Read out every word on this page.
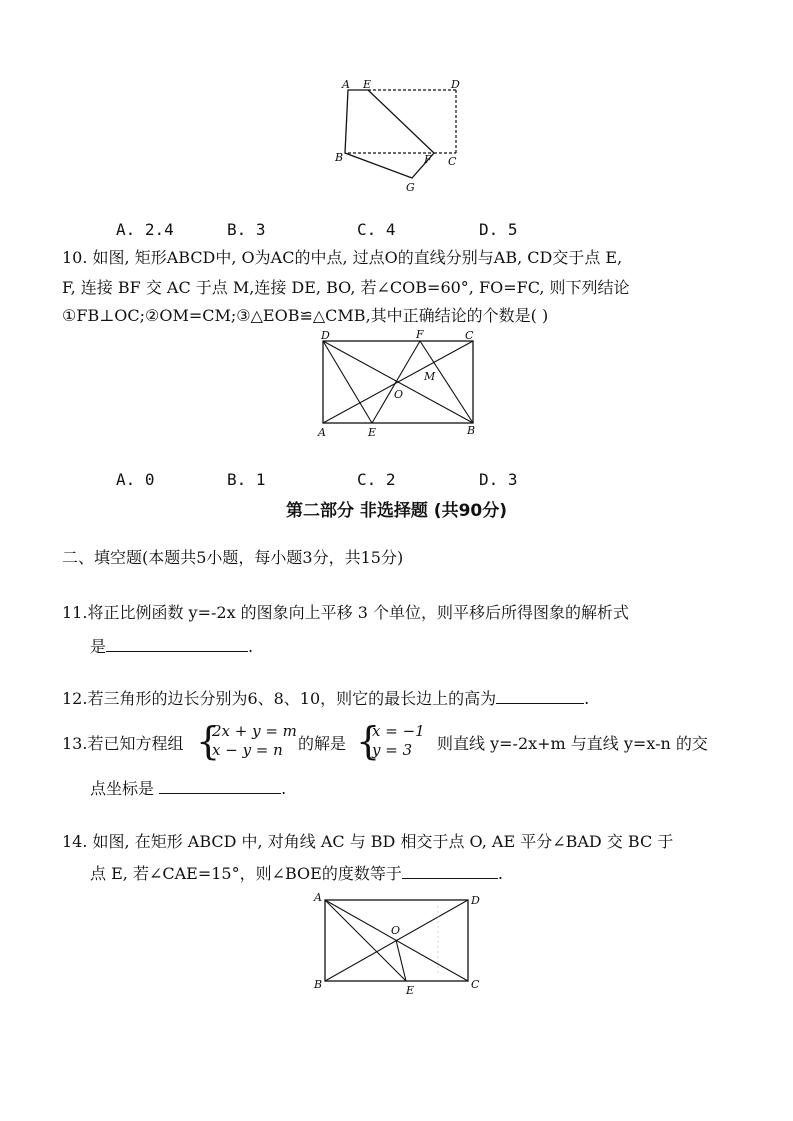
A E	D
B	F C
G
A. 2.4	B. 3	C. 4	D. 5
10. 如图, 矩形ABCD中, O为AC的中点, 过点O的直线分别与AB, CD交于点 E,
F, 连接 BF 交 AC 于点 M,连接 DE, BO, 若∠COB=60°, FO=FC, 则下列结论
①FB⊥OC;②OM=CM;③△EOB≌△CMB,其中正确结论的个数是( )
D	F	C
M
O
A	E	B
A. 0	B. 1	C. 2	D. 3
第二部分 非选择题 (共90分)
二、填空题(本题共5小题，每小题3分，共15分)
11.将正比例函数 y=-2x 的图象向上平移 3 个单位，则平移后所得图象的解析式
是	.
12.若三角形的边长分别为6、8、10，则它的最长边上的高为	.
13.若已知方程组 {
2x + y = m
x − y = n 的解是 {
x = −1
y = 3 则直线 y=-2x+m 与直线 y=x-n 的交
点坐标是	.
14. 如图, 在矩形 ABCD 中, 对角线 AC 与 BD 相交于点 O, AE 平分∠BAD 交 BC 于
点 E, 若∠CAE=15°，则∠BOE的度数等于	.
A	D
O
B	E	C
